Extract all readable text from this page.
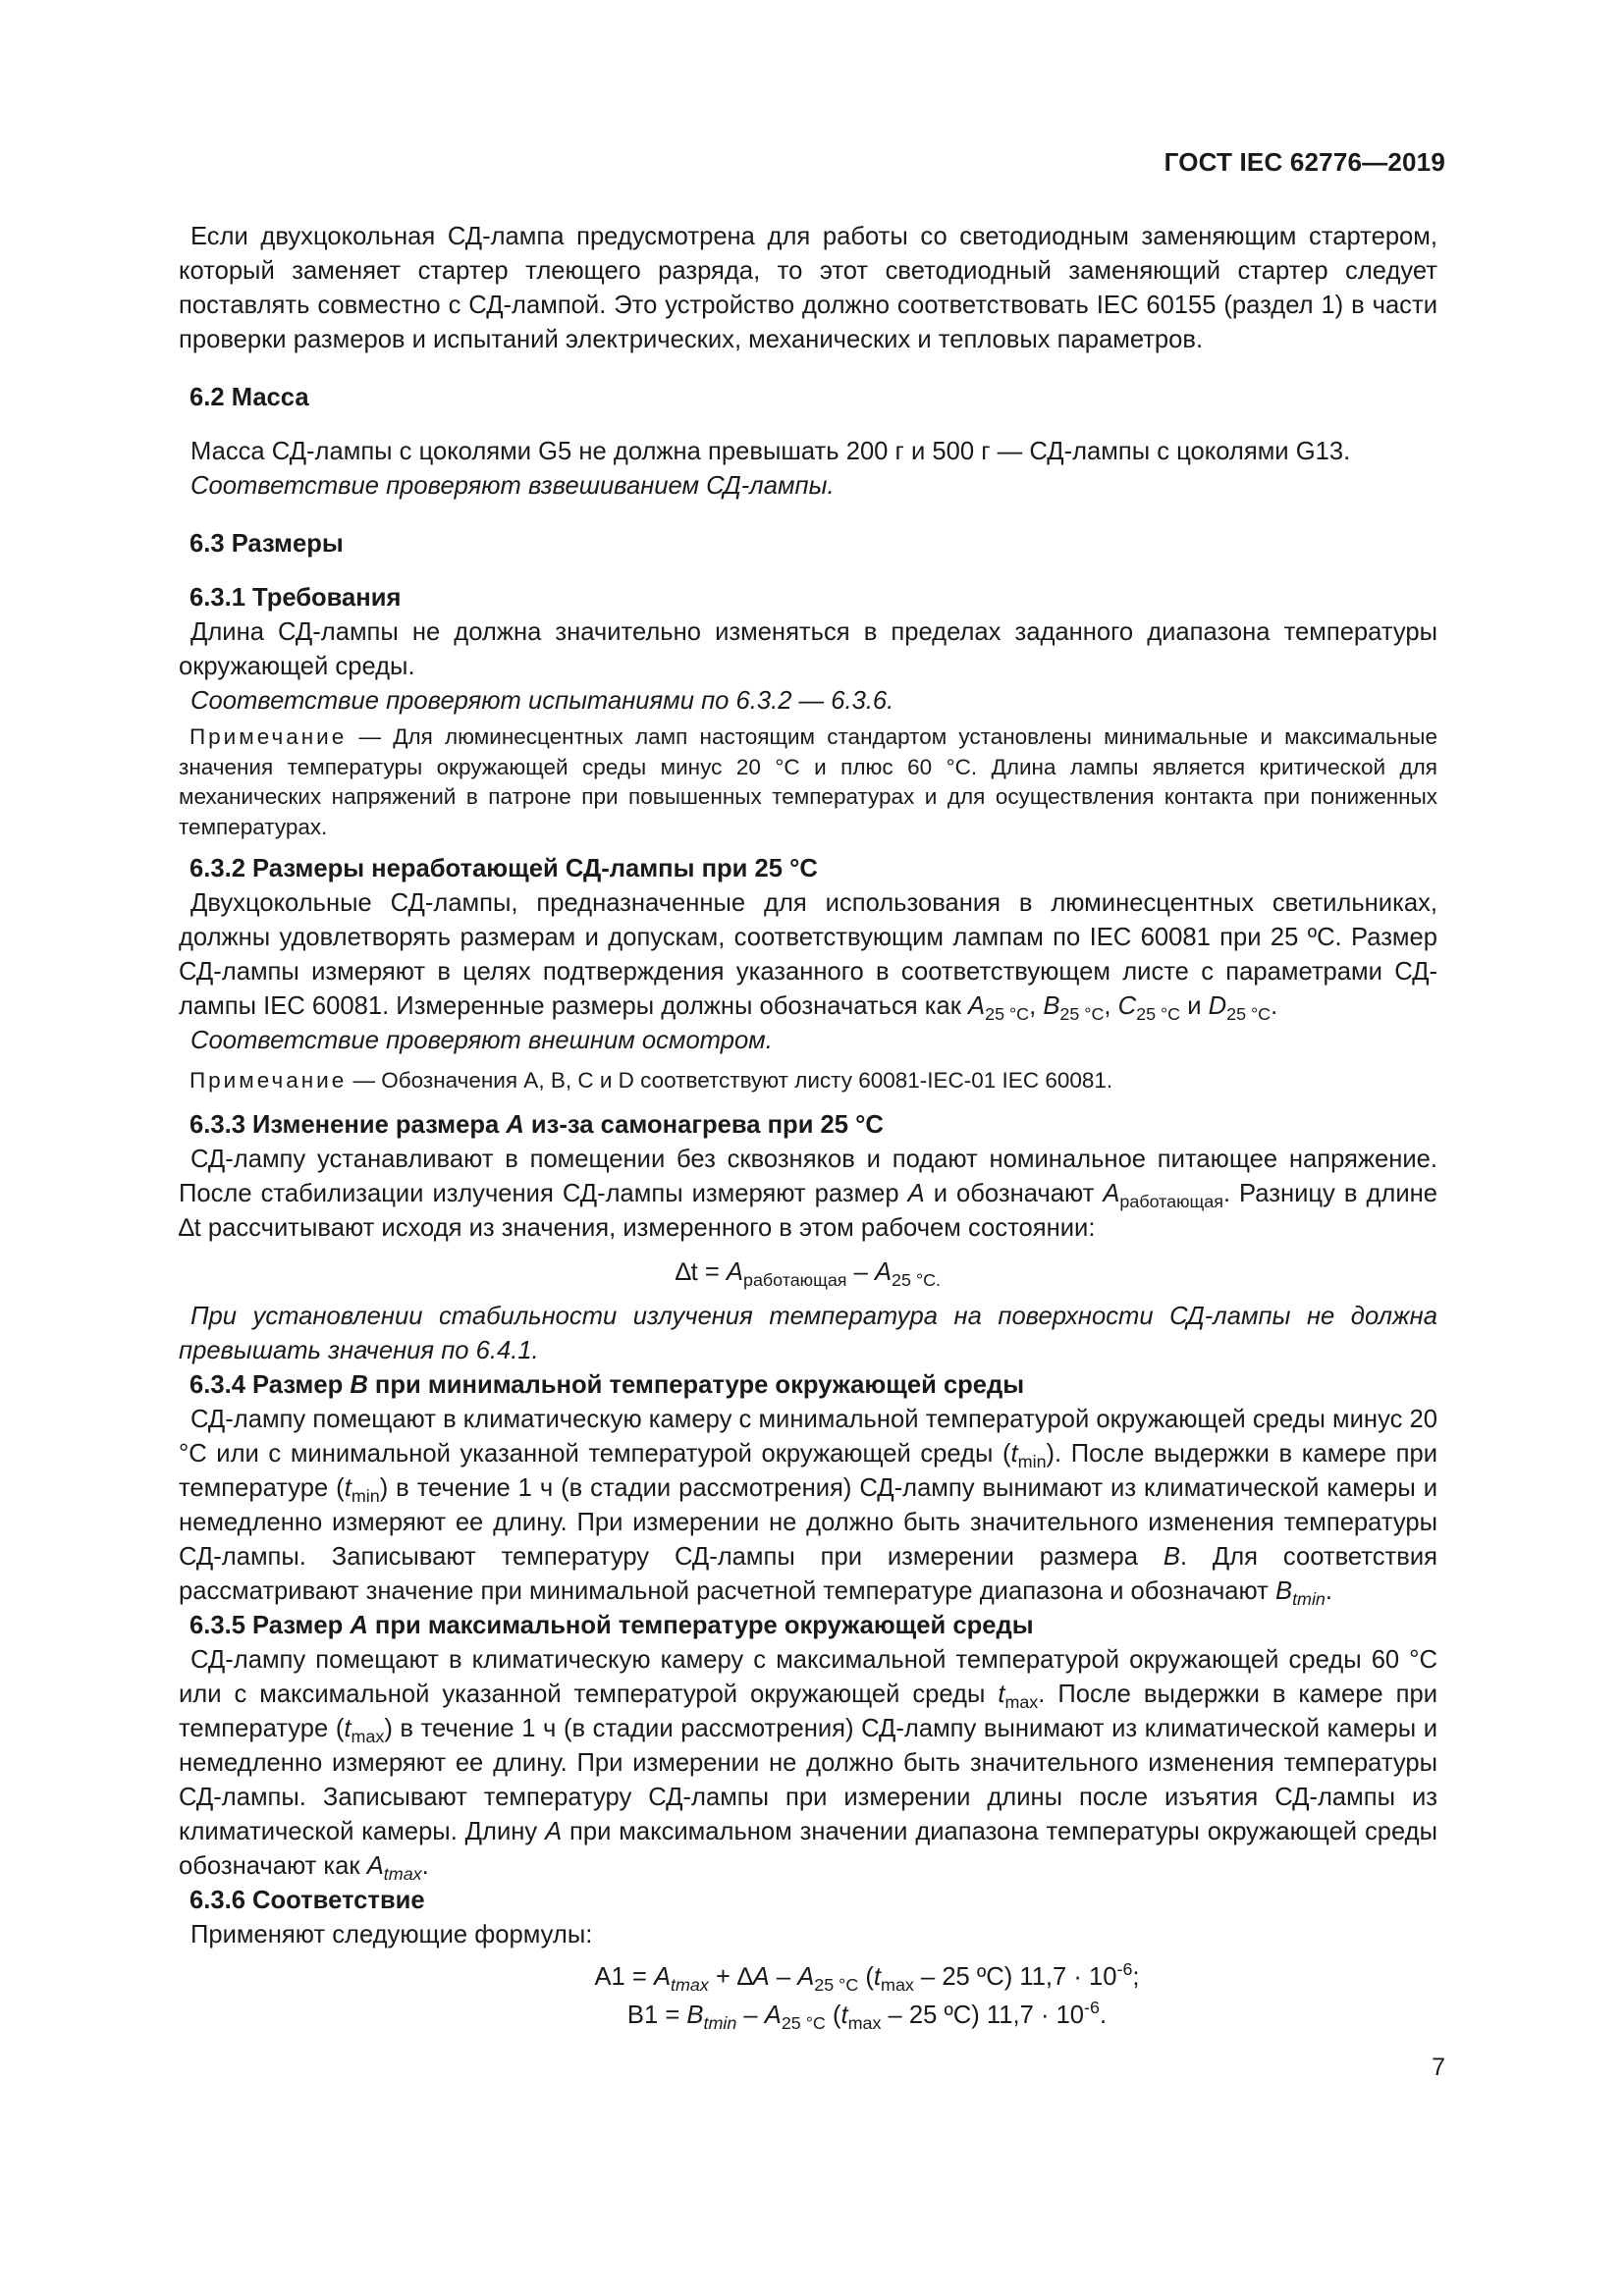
ГОСТ IEC 62776—2019

Если двухцокольная СД-лампа предусмотрена для работы со светодиодным заменяющим стартером, который заменяет стартер тлеющего разряда, то этот светодиодный заменяющий стартер следует поставлять совместно с СД-лампой. Это устройство должно соответствовать IEC 60155 (раздел 1) в части проверки размеров и испытаний электрических, механических и тепловых параметров.

6.2 Масса

Масса СД-лампы с цоколями G5 не должна превышать 200 г и 500 г — СД-лампы с цоколями G13.

Соответствие проверяют взвешиванием СД-лампы.

6.3 Размеры

6.3.1 Требования

Длина СД-лампы не должна значительно изменяться в пределах заданного диапазона температуры окружающей среды.

Соответствие проверяют испытаниями по 6.3.2 — 6.3.6.

Примечание — Для люминесцентных ламп настоящим стандартом установлены минимальные и максимальные значения температуры окружающей среды минус 20 °С и плюс 60 °С. Длина лампы является критической для механических напряжений в патроне при повышенных температурах и для осуществления контакта при пониженных температурах.

6.3.2 Размеры неработающей СД-лампы при 25 °С

Двухцокольные СД-лампы, предназначенные для использования в люминесцентных светильниках, должны удовлетворять размерам и допускам, соответствующим лампам по IEC 60081 при 25 ºС. Размер СД-лампы измеряют в целях подтверждения указанного в соответствующем листе с параметрами СД-лампы IEC 60081. Измеренные размеры должны обозначаться как $A_{25 ^\circ С}$, $B_{25 ^\circ С}$, $C_{25 ^\circ С}$ и $D_{25 ^\circ С}$.

Соответствие проверяют внешним осмотром.

Примечание — Обозначения А, В, С и D соответствуют листу 60081-IEC-01 IEC 60081.

6.3.3 Изменение размера А из-за самонагрева при 25 °С

СД-лампу устанавливают в помещении без сквозняков и подают номинальное питающее напряжение. После стабилизации излучения СД-лампы измеряют размер А и обозначают $А_{работающая}$. Разницу в длине ∆t рассчитывают исходя из значения, измеренного в этом рабочем состоянии:

$\Delta t = А_{работающая} - А_{25 ^\circ С.}$

При установлении стабильности излучения температура на поверхности СД-лампы не должна превышать значения по 6.4.1.

6.3.4 Размер В при минимальной температуре окружающей среды

СД-лампу помещают в климатическую камеру с минимальной температурой окружающей среды минус 20 °С или с минимальной указанной температурой окружающей среды $(t_{min})$. После выдержки в камере при температуре $(t_{min})$ в течение 1 ч (в стадии рассмотрения) СД-лампу вынимают из климатической камеры и немедленно измеряют ее длину. При измерении не должно быть значительного изменения температуры СД-лампы. Записывают температуру СД-лампы при измерении размера В. Для соответствия рассматривают значение при минимальной расчетной температуре диапазона и обозначают $В_{tmin}$.

6.3.5 Размер А при максимальной температуре окружающей среды

СД-лампу помещают в климатическую камеру с максимальной температурой окружающей среды 60 °С или с максимальной указанной температурой окружающей среды $t_{max}$. После выдержки в камере при температуре $(t_{max})$ в течение 1 ч (в стадии рассмотрения) СД-лампу вынимают из климатической камеры и немедленно измеряют ее длину. При измерении не должно быть значительного изменения температуры СД-лампы. Записывают температуру СД-лампы при измерении длины после изъятия СД-лампы из климатической камеры. Длину А при максимальном значении диапазона температуры окружающей среды обозначают как $А_{tmax}$.

6.3.6 Соответствие

Применяют следующие формулы:

$A1 = А_{tmax} + \Delta А - А_{25 ^\circ С}$ ($t_{max} - 25$ ºС) $11,7 \cdot 10^{-6}$;

$B1 = В_{tmin} - А_{25 ^\circ С}$ ($t_{max} - 25$ ºС) $11,7 \cdot 10^{-6}$.

7
